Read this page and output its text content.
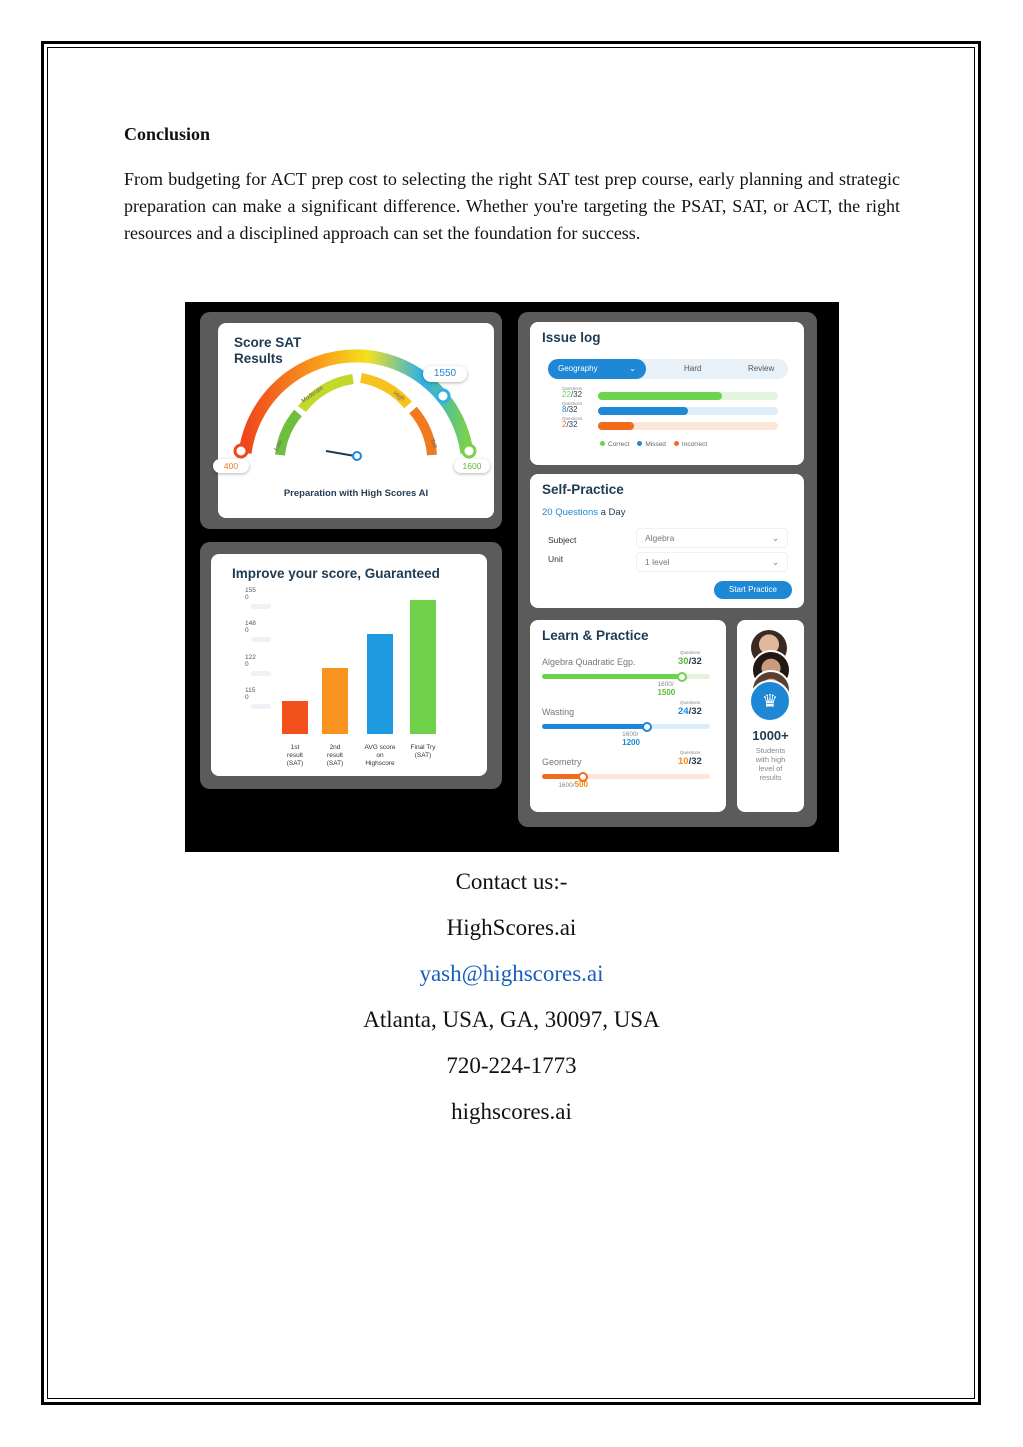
Conclusion
From budgeting for ACT prep cost to selecting the right SAT test prep course, early planning and strategic preparation can make a significant difference. Whether you're targeting the PSAT, SAT, or ACT, the right resources and a disciplined approach can set the foundation for success.
Score SAT
Results
Low
Moderate	High
Top
1550
400	1600
Preparation with High Scores AI
Improve your score, Guaranteed
155
0
148
0
122
0
115
0
1st
result
(SAT)
2nd
result
(SAT)
AVG score
on
Highscore
Final Try
(SAT)
Issue log
Geography	⌄	Hard	Review
Questions
22/32
Questions
8/32
Questions
2/32
Correct Missed Incorrect
Self-Practice
20 Questions a Day
Subject	Algebra	⌄
Unit	1 level	⌄
Start Practice
Learn & Practice
Algebra Quadratic Egp.
Questions
30/32
1600/
1500
Wasting
Questions
24/32
1600/
1200
Geometry
Questions
10/32
1600/500
♛
1000+
Students
with high
level of
results
Contact us:-
HighScores.ai
yash@highscores.ai
Atlanta, USA, GA, 30097, USA
720-224-1773
highscores.ai
